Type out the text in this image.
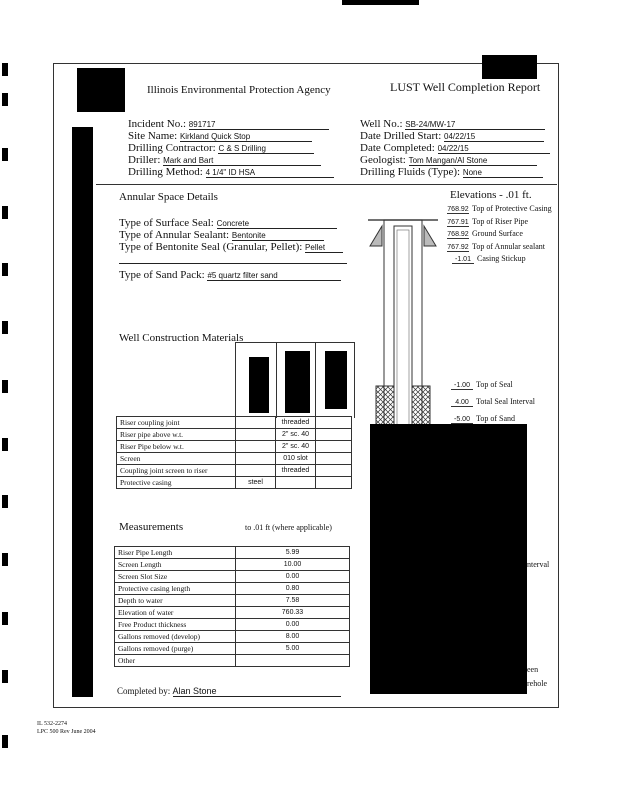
Illinois Environmental Protection Agency	LUST Well Completion Report
Incident No.: 891717
Site Name: Kirkland Quick Stop
Drilling Contractor: C & S Drilling
Driller: Mark and Bart
Drilling Method: 4 1/4" ID HSA
Well No.: SB-24/MW-17
Date Drilled Start: 04/22/15
Date Completed: 04/22/15
Geologist: Tom Mangan/Al Stone
Drilling Fluids (Type): None
Annular Space Details
Type of Surface Seal: Concrete
Type of Annular Sealant: Bentonite
Type of Bentonite Seal (Granular, Pellet): Pellet
Type of Sand Pack: #5 quartz filter sand
Elevations - .01 ft.
768.92 Top of Protective Casing
767.91 Top of Riser Pipe
768.92 Ground Surface
767.92 Top of Annular sealant
-1.01 Casing Stickup
-1.00 Top of Seal
4.00 Total Seal Interval
-5.00 Top of Sand
nterval
een
rehole
Well Construction Materials
Riser coupling joint		threaded	
Riser pipe above w.t.		2" sc. 40	
Riser Pipe below w.t.		2" sc. 40	
Screen		010 slot	
Coupling joint screen to riser		threaded	
Protective casing	steel		
Measurements	to .01 ft (where applicable)
Riser Pipe Length	5.99
Screen Length	10.00
Screen Slot Size	0.00
Protective casing length	0.80
Depth to water	7.58
Elevation of water	760.33
Free Product thickness	0.00
Gallons removed (develop)	8.00
Gallons removed (purge)	5.00
Other	
Completed by: Alan Stone
IL 532-2274
LPC 500 Rev June 2004
